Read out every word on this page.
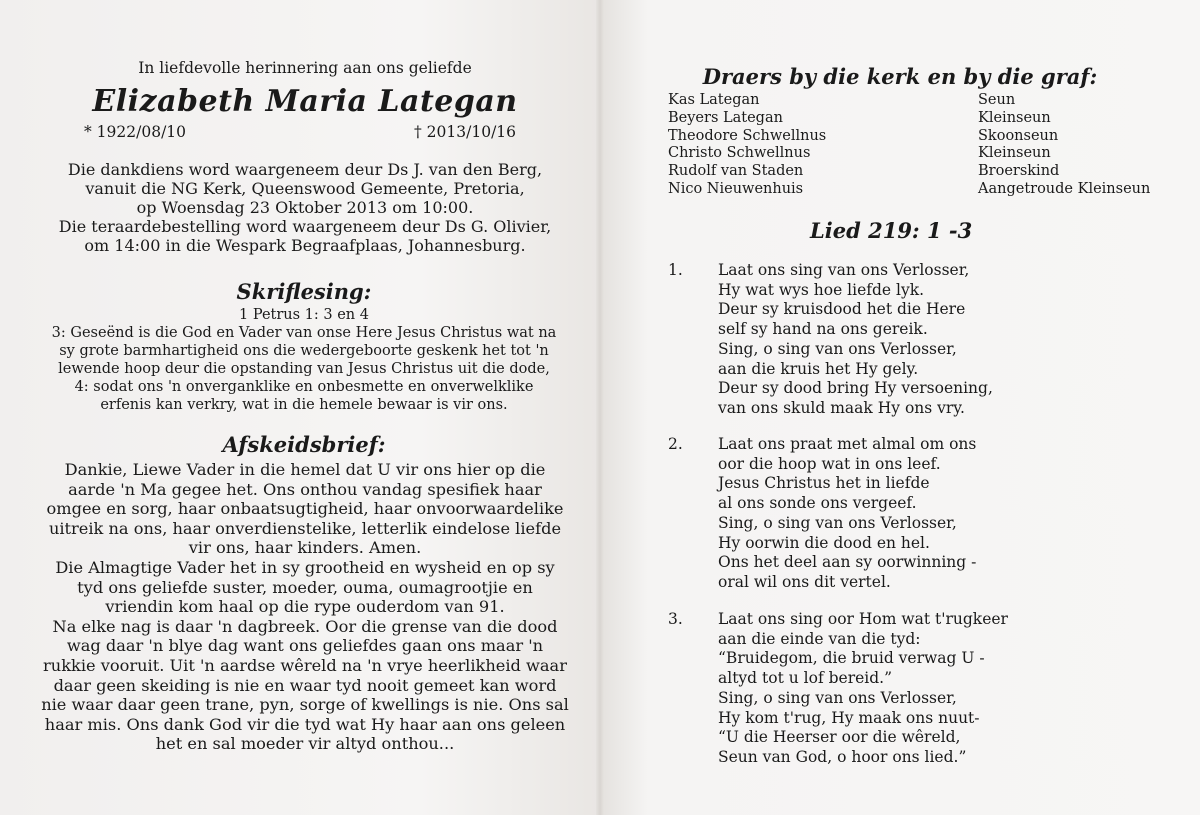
In liefdevolle herinnering aan ons geliefde
Elizabeth Maria Lategan
* 1922/08/10	† 2013/10/16
Die dankdiens word waargeneem deur Ds J. van den Berg,
vanuit die NG Kerk, Queenswood Gemeente, Pretoria,
op Woensdag 23 Oktober 2013 om 10:00.
Die teraardebestelling word waargeneem deur Ds G. Olivier,
om 14:00 in die Wespark Begraafplaas, Johannesburg.
Skriflesing:
1 Petrus 1: 3 en 4
3: Geseënd is die God en Vader van onse Here Jesus Christus wat na
sy grote barmhartigheid ons die wedergeboorte geskenk het tot 'n
lewende hoop deur die opstanding van Jesus Christus uit die dode,
4: sodat ons 'n onverganklike en onbesmette en onverwelklike
erfenis kan verkry, wat in die hemele bewaar is vir ons.
Afskeidsbrief:

Dankie, Liewe Vader in die hemel dat U vir ons hier op die

aarde 'n Ma gegee het. Ons onthou vandag spesifiek haar

omgee en sorg, haar onbaatsugtigheid, haar onvoorwaardelike

uitreik na ons, haar onverdienstelike, letterlik eindelose liefde

vir ons, haar kinders. Amen.

Die Almagtige Vader het in sy grootheid en wysheid en op sy

tyd ons geliefde suster, moeder, ouma, oumagrootjie en

vriendin kom haal op die rype ouderdom van 91.

Na elke nag is daar 'n dagbreek. Oor die grense van die dood

wag daar 'n blye dag want ons geliefdes gaan ons maar 'n

rukkie vooruit. Uit 'n aardse wêreld na 'n vrye heerlikheid waar

daar geen skeiding is nie en waar tyd nooit gemeet kan word

nie waar daar geen trane, pyn, sorge of kwellings is nie. Ons sal

haar mis. Ons dank God vir die tyd wat Hy haar aan ons geleen

het en sal moeder vir altyd onthou...

Draers by die kerk en by die graf:
Kas Lategan	Seun
Beyers Lategan	Kleinseun
Theodore Schwellnus	Skoonseun
Christo Schwellnus	Kleinseun
Rudolf van Staden	Broerskind
Nico Nieuwenhuis	Aangetroude Kleinseun
Lied 219: 1 -3
1. Laat ons sing van ons Verlosser,
Hy wat wys hoe liefde lyk.
Deur sy kruisdood het die Here
self sy hand na ons gereik.
Sing, o sing van ons Verlosser,
aan die kruis het Hy gely.
Deur sy dood bring Hy versoening,
van ons skuld maak Hy ons vry.
2. Laat ons praat met almal om ons
oor die hoop wat in ons leef.
Jesus Christus het in liefde
al ons sonde ons vergeef.
Sing, o sing van ons Verlosser,
Hy oorwin die dood en hel.
Ons het deel aan sy oorwinning -
oral wil ons dit vertel.
3. Laat ons sing oor Hom wat t'rugkeer
aan die einde van die tyd:
“Bruidegom, die bruid verwag U -
altyd tot u lof bereid.”
Sing, o sing van ons Verlosser,
Hy kom t'rug, Hy maak ons nuut-
“U die Heerser oor die wêreld,
Seun van God, o hoor ons lied.”
